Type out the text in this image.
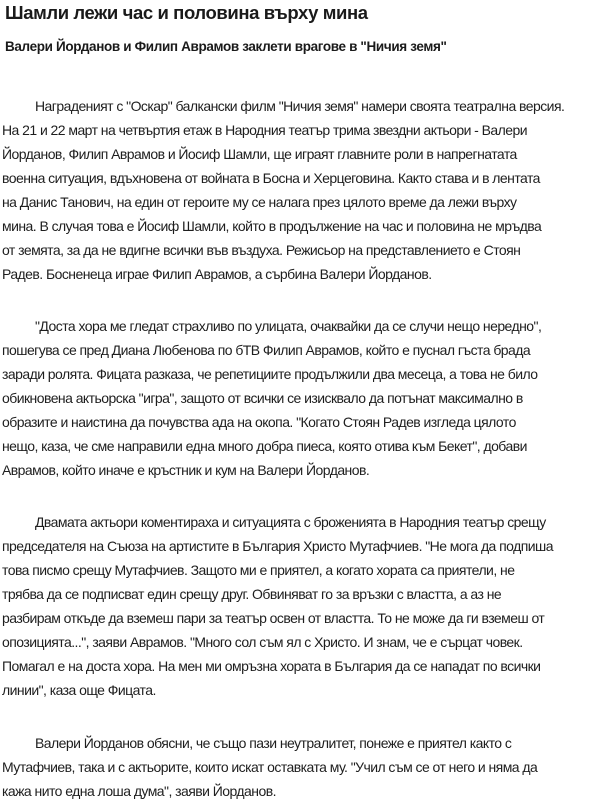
Шамли лежи час и половина върху мина
Валери Йорданов и Филип Аврамов заклети врагове в "Ничия земя"
Награденият с "Оскар" балкански филм "Ничия земя" намери своята театрална версия.
На 21 и 22 март на четвъртия етаж в Народния театър трима звездни актьори - Валери
Йорданов, Филип Аврамов и Йосиф Шамли, ще играят главните роли в напрегнатата
военна ситуация, вдъхновена от войната в Босна и Херцеговина. Както става и в лентата
на Данис Танович, на един от героите му се налага през цялото време да лежи върху
мина. В случая това е Йосиф Шамли, който в продължение на час и половина не мръдва
от земята, за да не вдигне всички във въздуха. Режисьор на представлението е Стоян
Радев. Босненеца играе Филип Аврамов, а сърбина Валери Йорданов.
"Доста хора ме гледат страхливо по улицата, очаквайки да се случи нещо нередно",
пошегува се пред Диана Любенова по бТВ Филип Аврамов, който е пуснал гъста брада
заради ролята. Фицата разказа, че репетициите продължили два месеца, а това не било
обикновена актьорска "игра", защото от всички се изисквало да потънат максимално в
образите и наистина да почувства ада на окопа. "Когато Стоян Радев изгледа цялото
нещо, каза, че сме направили една много добра пиеса, която отива към Бекет", добави
Аврамов, който иначе е кръстник и кум на Валери Йорданов.
Двамата актьори коментираха и ситуацията с броженията в Народния театър срещу
председателя на Съюза на артистите в България Христо Мутафчиев. "Не мога да подпиша
това писмо срещу Мутафчиев. Защото ми е приятел, а когато хората са приятели, не
трябва да се подписват един срещу друг. Обвиняват го за връзки с властта, а аз не
разбирам откъде да вземеш пари за театър освен от властта. То не може да ги вземеш от
опозицията...", заяви Аврамов. "Много сол съм ял с Христо. И знам, че е сърцат човек.
Помагал е на доста хора. На мен ми омръзна хората в България да се нападат по всички
линии", каза още Фицата.
Валери Йорданов обясни, че също пази неутралитет, понеже е приятел както с
Мутафчиев, така и с актьорите, които искат оставката му. "Учил съм се от него и няма да
кажа нито една лоша дума", заяви Йорданов.
